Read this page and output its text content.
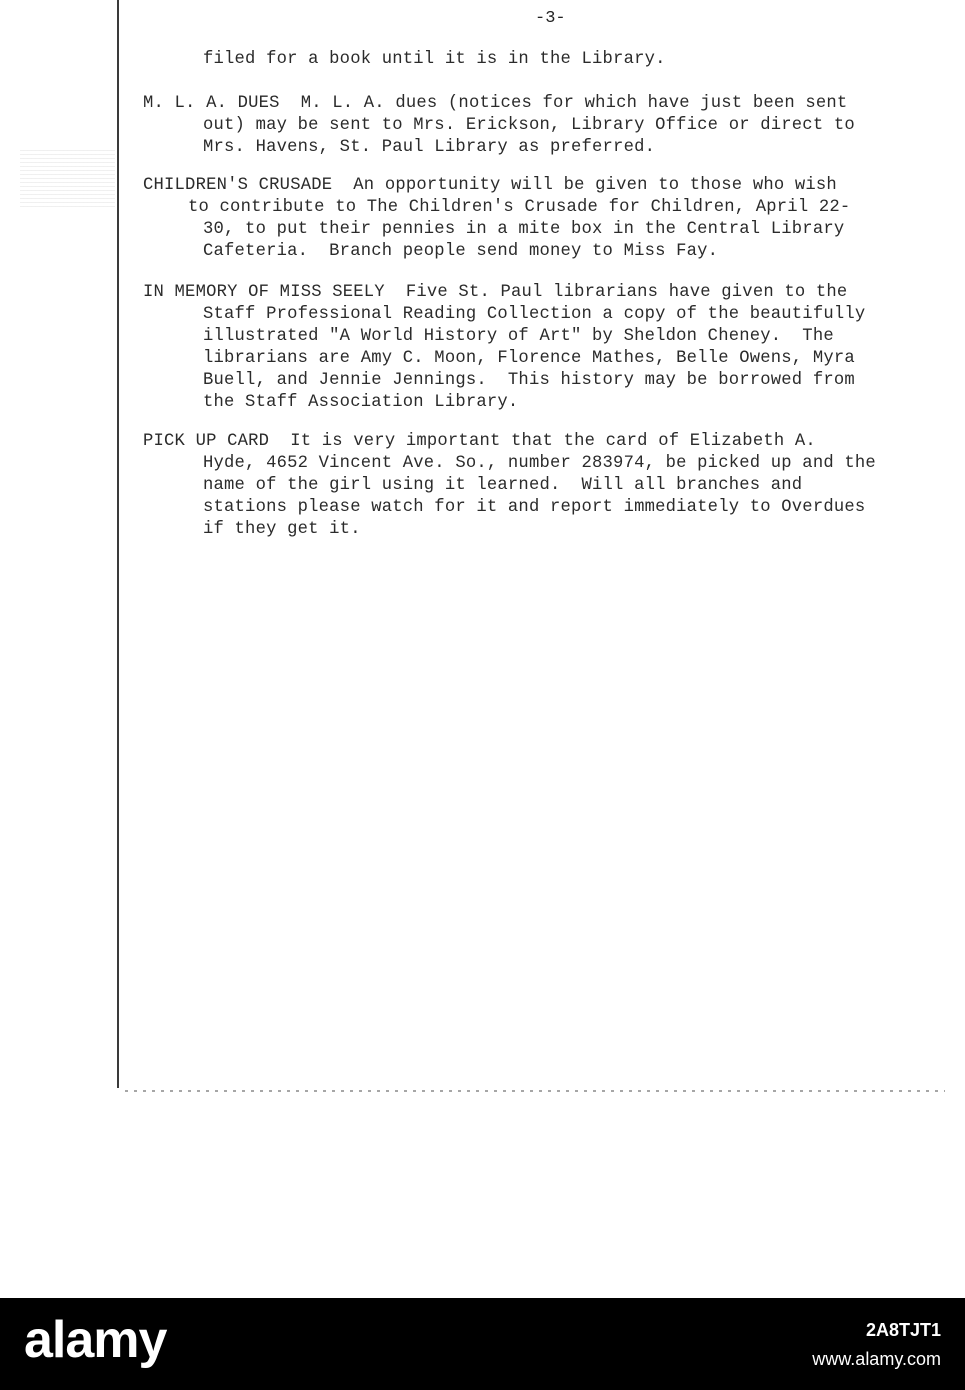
-3-
filed for a book until it is in the Library.
M. L. A. DUES  M. L. A. dues (notices for which have just been sent
out) may be sent to Mrs. Erickson, Library Office or direct to
Mrs. Havens, St. Paul Library as preferred.
CHILDREN'S CRUSADE  An opportunity will be given to those who wish
to contribute to The Children's Crusade for Children, April 22-
30, to put their pennies in a mite box in the Central Library
Cafeteria.  Branch people send money to Miss Fay.
IN MEMORY OF MISS SEELY  Five St. Paul librarians have given to the
Staff Professional Reading Collection a copy of the beautifully
illustrated "A World History of Art" by Sheldon Cheney.  The
librarians are Amy C. Moon, Florence Mathes, Belle Owens, Myra
Buell, and Jennie Jennings.  This history may be borrowed from
the Staff Association Library.
PICK UP CARD  It is very important that the card of Elizabeth A.
Hyde, 4652 Vincent Ave. So., number 283974, be picked up and the
name of the girl using it learned.  Will all branches and
stations please watch for it and report immediately to Overdues
if they get it.
alamy	2A8TJT1
www.alamy.com
